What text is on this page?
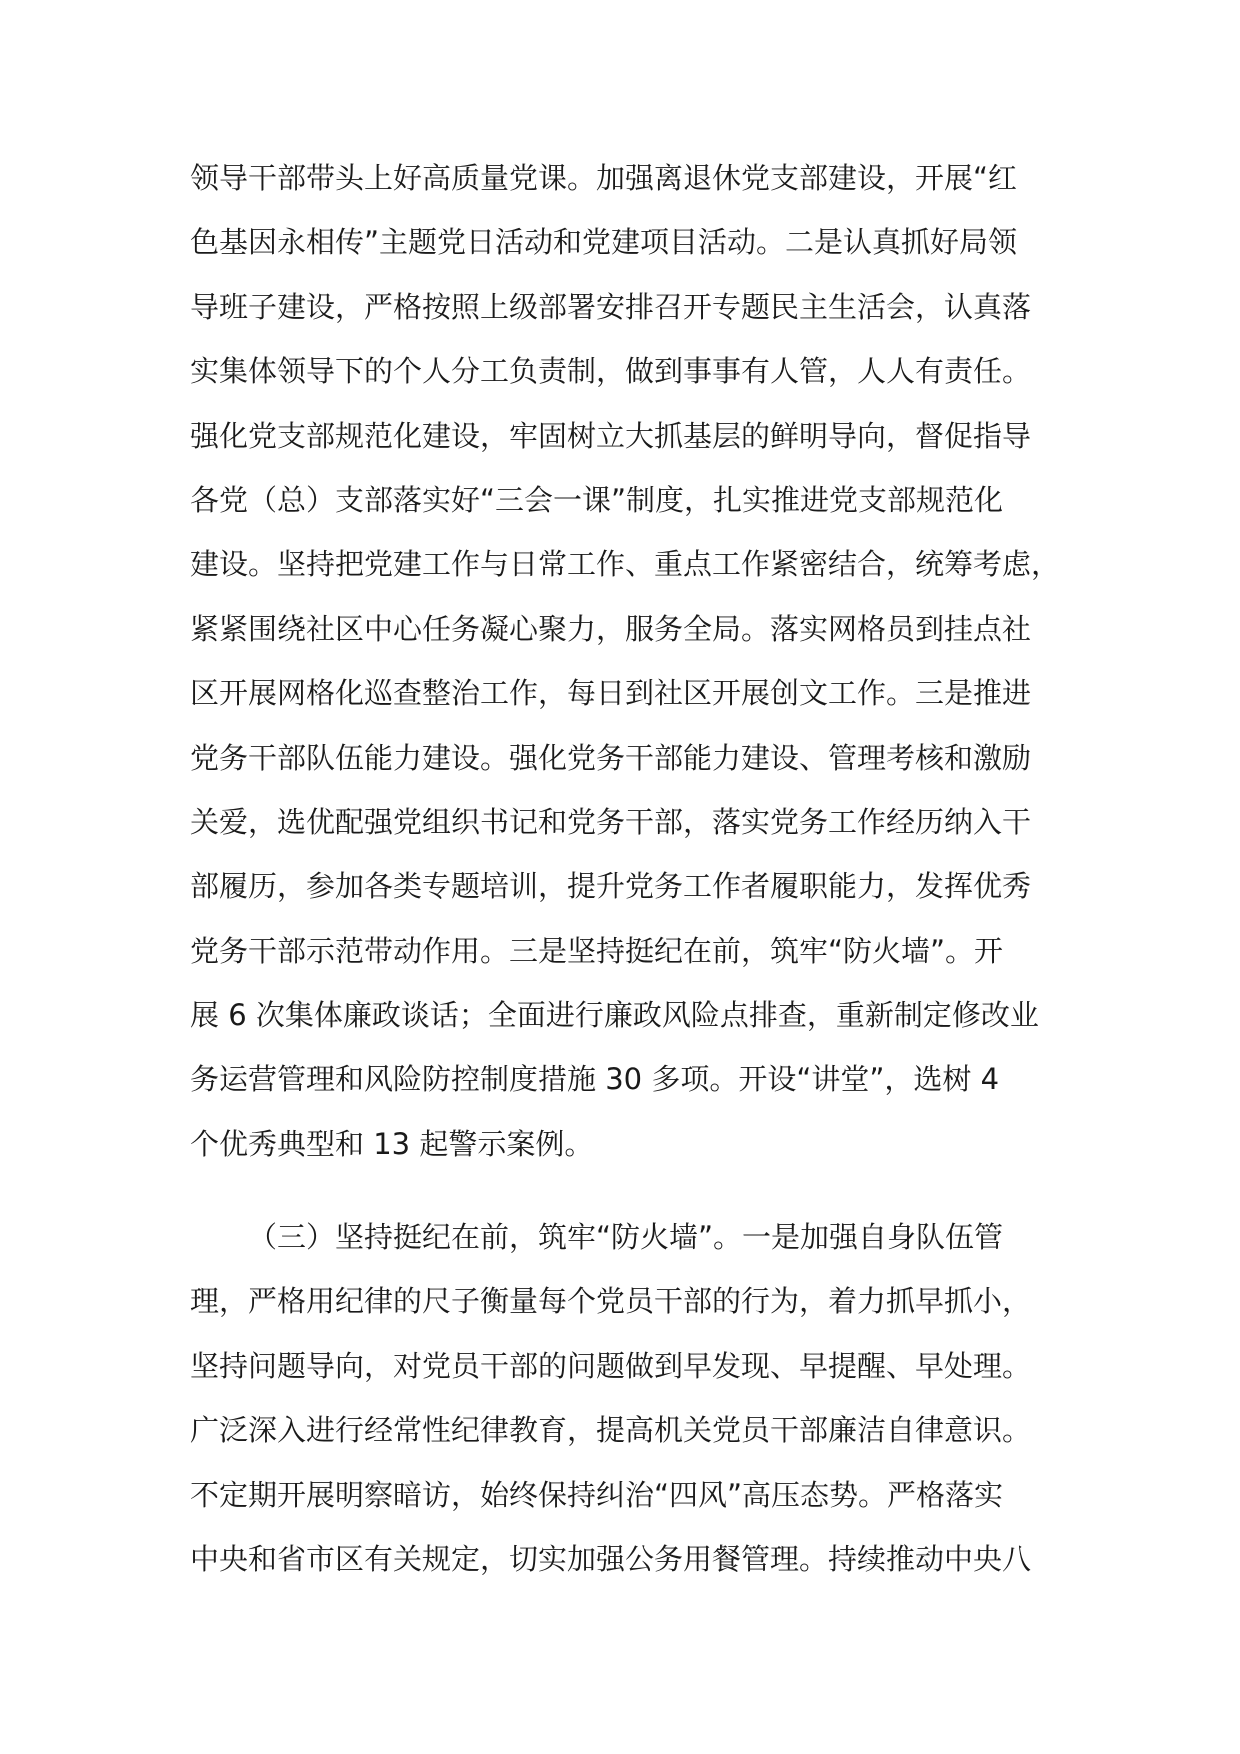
领导干部带头上好高质量党课。加强离退休党支部建设，开展“红
色基因永相传”主题党日活动和党建项目活动。二是认真抓好局领
导班子建设，严格按照上级部署安排召开专题民主生活会，认真落
实集体领导下的个人分工负责制，做到事事有人管，人人有责任。
强化党支部规范化建设，牢固树立大抓基层的鲜明导向，督促指导
各党（总）支部落实好“三会一课”制度，扎实推进党支部规范化
建设。坚持把党建工作与日常工作、重点工作紧密结合，统筹考虑，
紧紧围绕社区中心任务凝心聚力，服务全局。落实网格员到挂点社
区开展网格化巡查整治工作，每日到社区开展创文工作。三是推进
党务干部队伍能力建设。强化党务干部能力建设、管理考核和激励
关爱，选优配强党组织书记和党务干部，落实党务工作经历纳入干
部履历，参加各类专题培训，提升党务工作者履职能力，发挥优秀
党务干部示范带动作用。三是坚持挺纪在前，筑牢“防火墙”。开
展 6 次集体廉政谈话；全面进行廉政风险点排查，重新制定修改业
务运营管理和风险防控制度措施 30 多项。开设“讲堂”，选树 4
个优秀典型和 13 起警示案例。
（三）坚持挺纪在前，筑牢“防火墙”。一是加强自身队伍管
理，严格用纪律的尺子衡量每个党员干部的行为，着力抓早抓小，
坚持问题导向，对党员干部的问题做到早发现、早提醒、早处理。
广泛深入进行经常性纪律教育，提高机关党员干部廉洁自律意识。
不定期开展明察暗访，始终保持纠治“四风”高压态势。严格落实
中央和省市区有关规定，切实加强公务用餐管理。持续推动中央八
